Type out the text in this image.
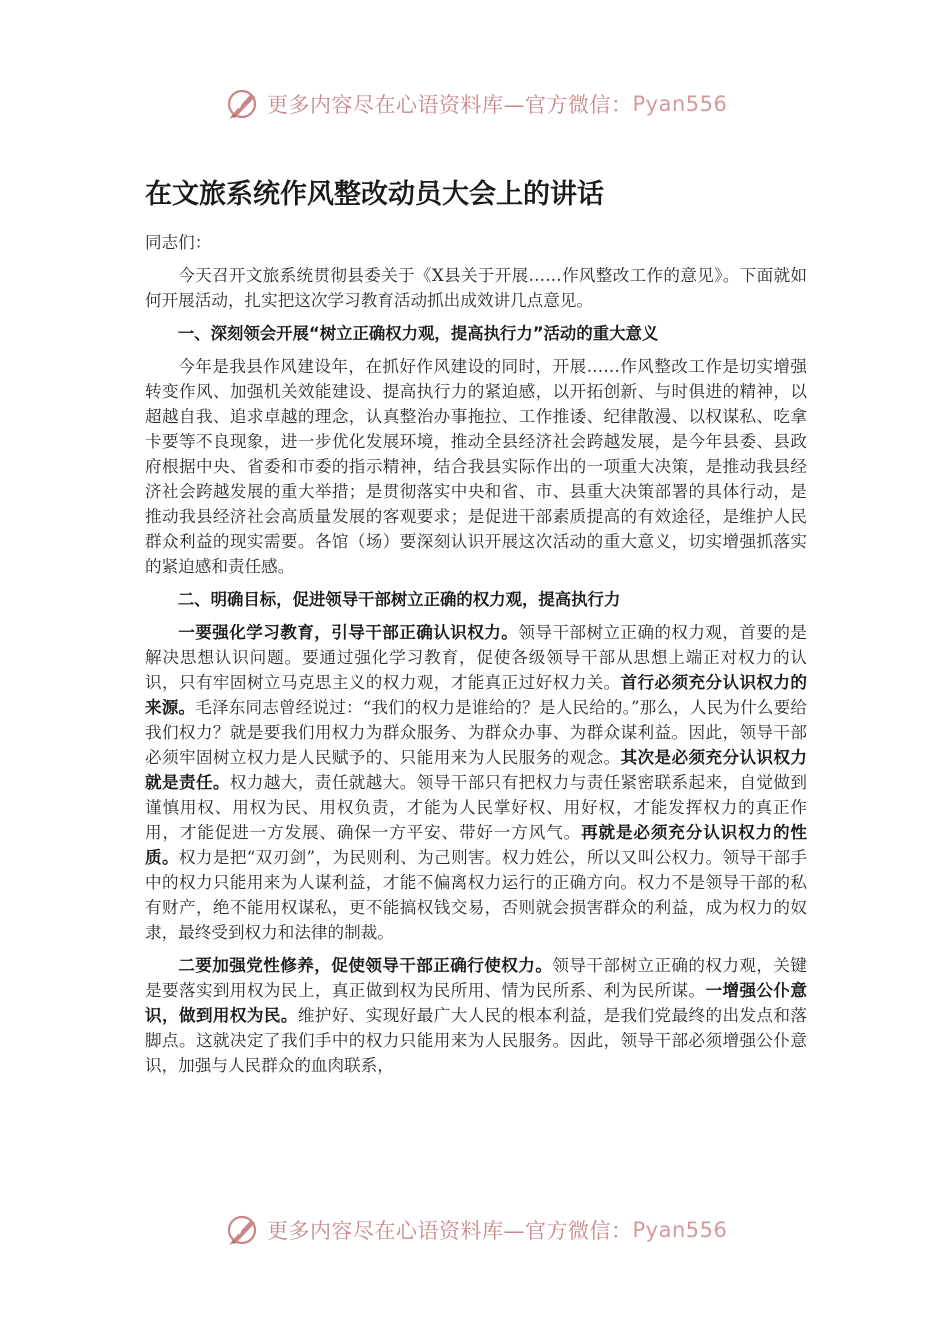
更多内容尽在心语资料库—官方微信： Pyan556
在文旅系统作风整改动员大会上的讲话

同志们：

今天召开文旅系统贯彻县委关于《X县关于开展……作风整改工作的意见》。下面就如何开展活动，扎实把这次学习教育活动抓出成效讲几点意见。

一、深刻领会开展“树立正确权力观，提高执行力”活动的重大意义

今年是我县作风建设年，在抓好作风建设的同时，开展……作风整改工作是切实增强转变作风、加强机关效能建设、提高执行力的紧迫感，以开拓创新、与时俱进的精神，以超越自我、追求卓越的理念，认真整治办事拖拉、工作推诿、纪律散漫、以权谋私、吃拿卡要等不良现象，进一步优化发展环境，推动全县经济社会跨越发展，是今年县委、县政府根据中央、省委和市委的指示精神，结合我县实际作出的一项重大决策，是推动我县经济社会跨越发展的重大举措；是贯彻落实中央和省、市、县重大决策部署的具体行动，是推动我县经济社会高质量发展的客观要求；是促进干部素质提高的有效途径，是维护人民群众利益的现实需要。各馆（场）要深刻认识开展这次活动的重大意义，切实增强抓落实的紧迫感和责任感。

二、明确目标，促进领导干部树立正确的权力观，提高执行力

一要强化学习教育，引导干部正确认识权力。领导干部树立正确的权力观，首要的是解决思想认识问题。要通过强化学习教育，促使各级领导干部从思想上端正对权力的认识，只有牢固树立马克思主义的权力观，才能真正过好权力关。首行必须充分认识权力的来源。毛泽东同志曾经说过：“我们的权力是谁给的？是人民给的。”那么，人民为什么要给我们权力？就是要我们用权力为群众服务、为群众办事、为群众谋利益。因此，领导干部必须牢固树立权力是人民赋予的、只能用来为人民服务的观念。其次是必须充分认识权力就是责任。权力越大，责任就越大。领导干部只有把权力与责任紧密联系起来，自觉做到谨慎用权、用权为民、用权负责，才能为人民掌好权、用好权，才能发挥权力的真正作用，才能促进一方发展、确保一方平安、带好一方风气。再就是必须充分认识权力的性质。权力是把“双刃剑”，为民则利、为己则害。权力姓公，所以又叫公权力。领导干部手中的权力只能用来为人谋利益，才能不偏离权力运行的正确方向。权力不是领导干部的私有财产，绝不能用权谋私，更不能搞权钱交易，否则就会损害群众的利益，成为权力的奴隶，最终受到权力和法律的制裁。

二要加强党性修养，促使领导干部正确行使权力。领导干部树立正确的权力观，关键是要落实到用权为民上，真正做到权为民所用、情为民所系、利为民所谋。一增强公仆意识，做到用权为民。维护好、实现好最广大人民的根本利益，是我们党最终的出发点和落脚点。这就决定了我们手中的权力只能用来为人民服务。因此，领导干部必须增强公仆意识，加强与人民群众的血肉联系，

更多内容尽在心语资料库—官方微信： Pyan556
